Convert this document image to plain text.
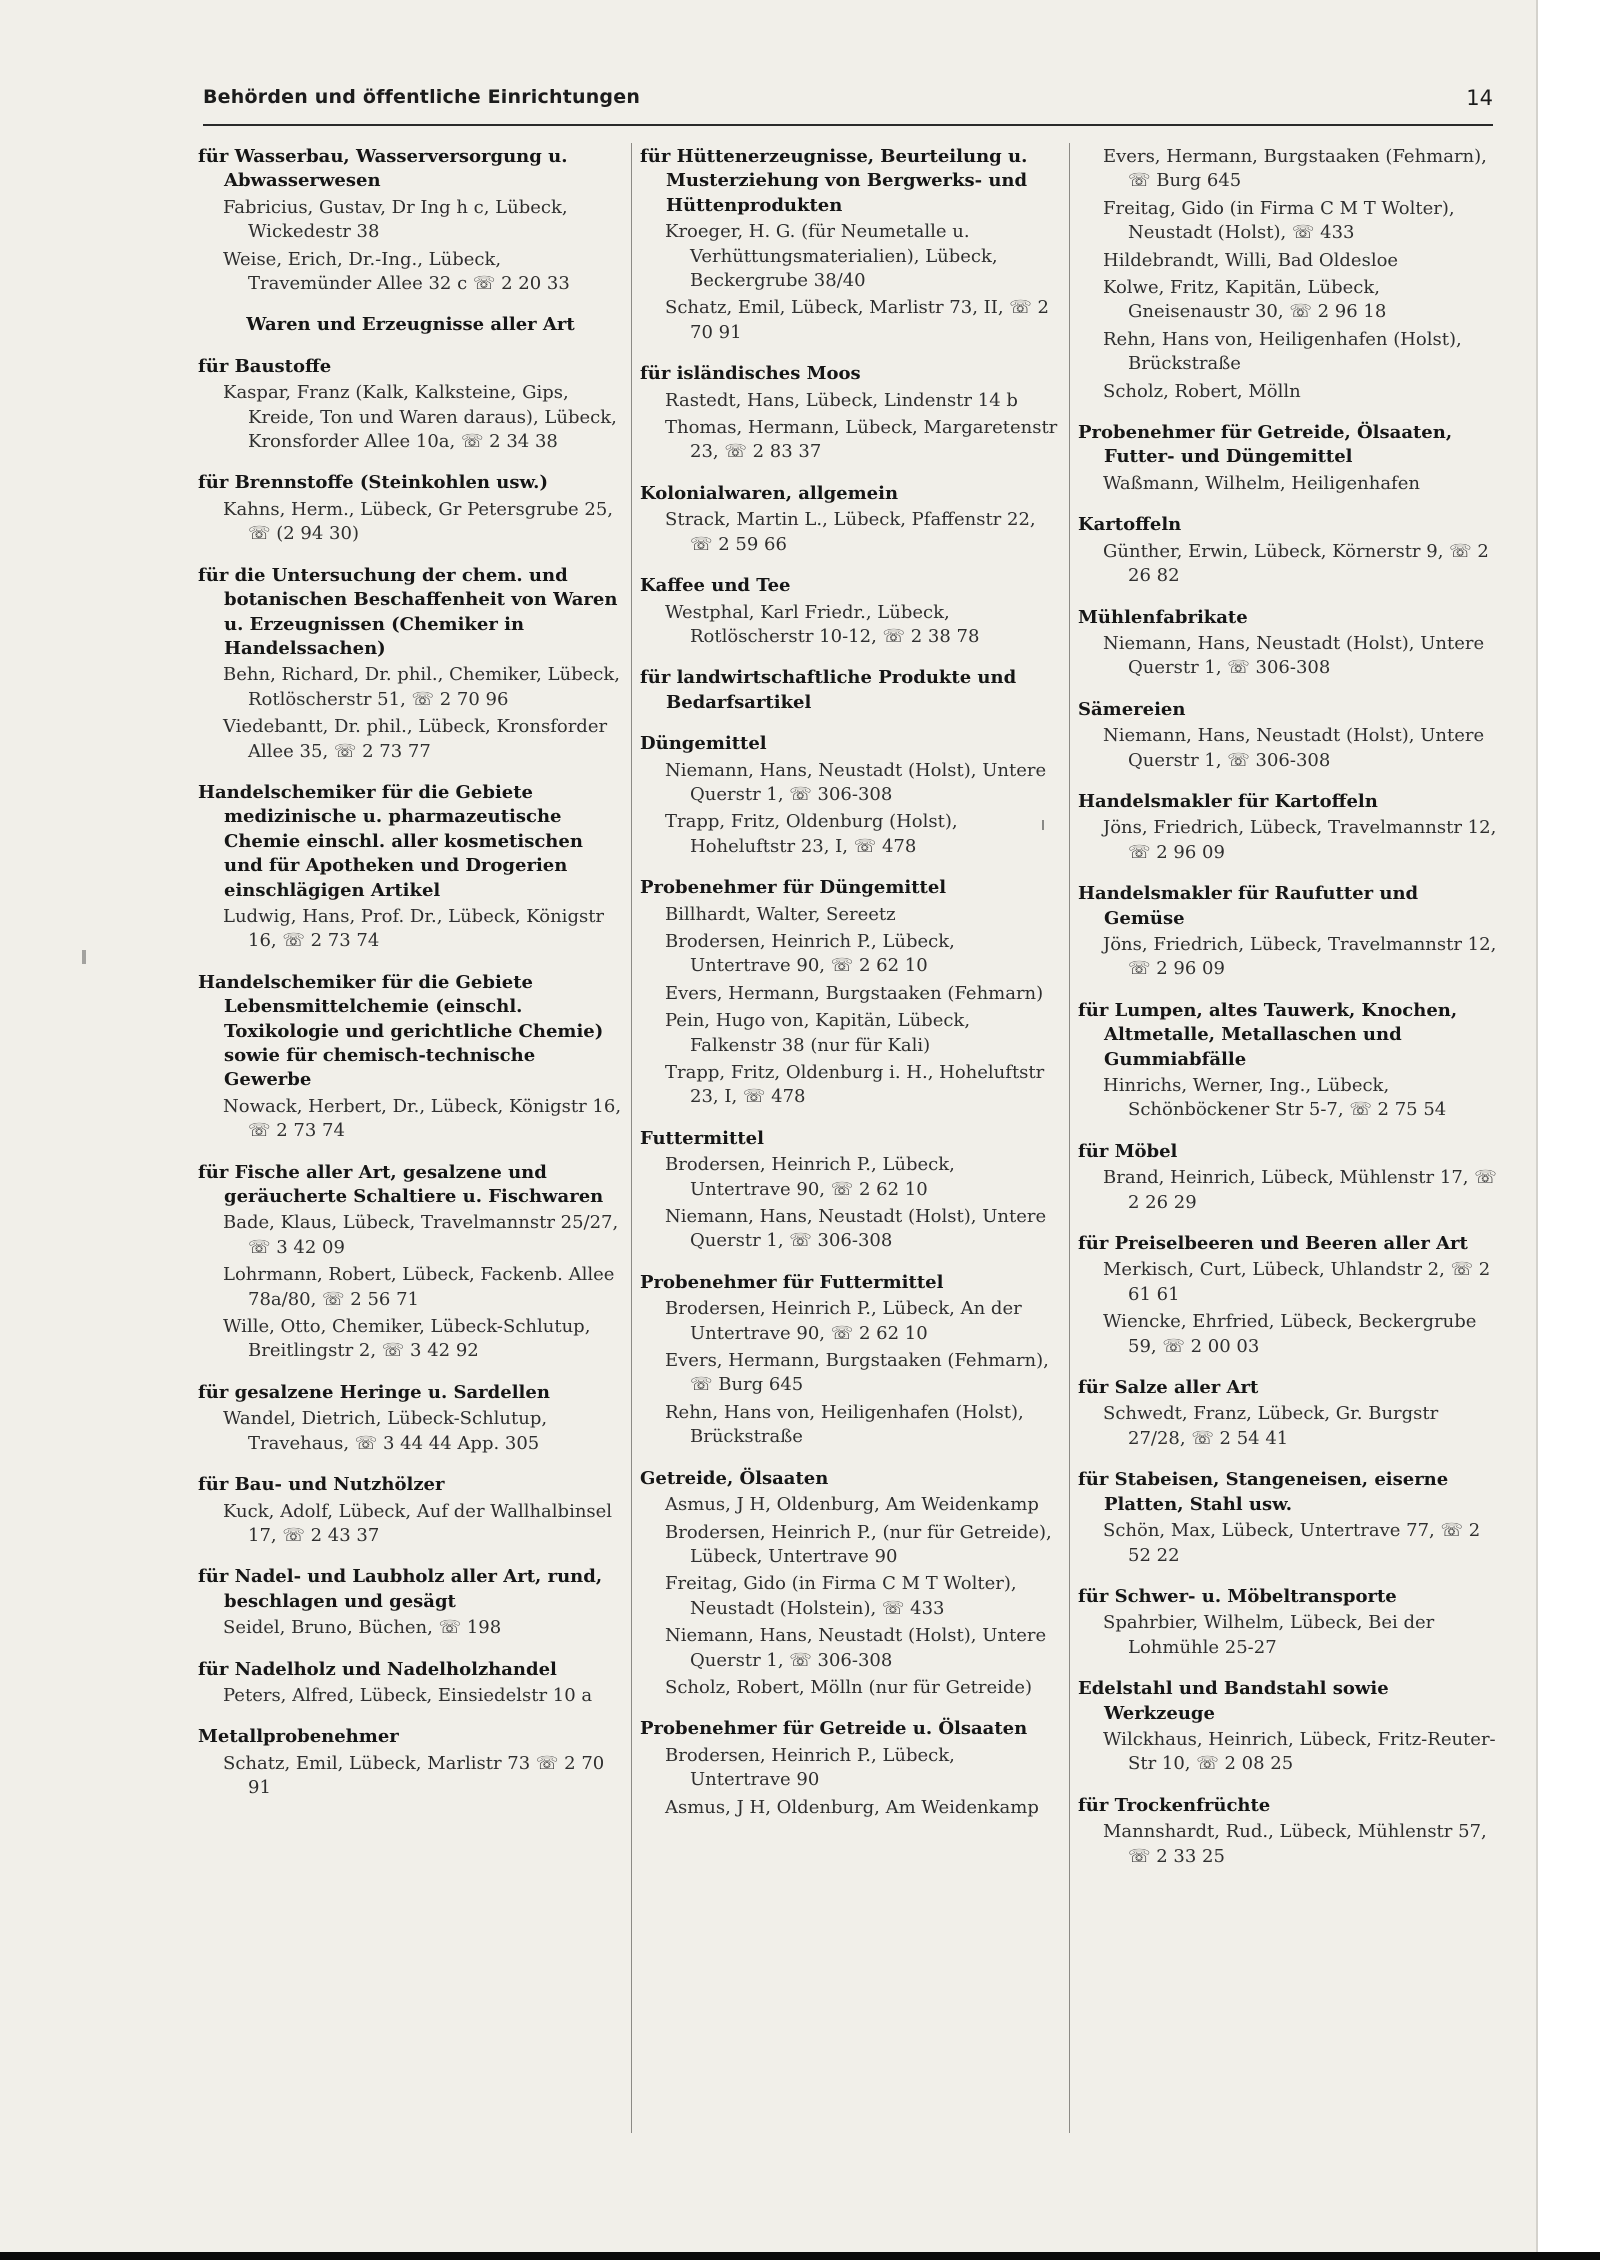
Behörden und öffentliche Einrichtungen	14
für Wasserbau, Wasserversorgung u. Abwasserwesen
Fabricius, Gustav, Dr Ing h c, Lübeck, Wickedestr 38
Weise, Erich, Dr.-Ing., Lübeck, Travemünder Allee 32 c ☏ 2 20 33
Waren und Erzeugnisse aller Art
für Baustoffe
Kaspar, Franz (Kalk, Kalksteine, Gips, Kreide, Ton und Waren daraus), Lübeck, Kronsforder Allee 10a, ☏ 2 34 38
für Brennstoffe (Steinkohlen usw.)
Kahns, Herm., Lübeck, Gr Petersgrube 25, ☏ (2 94 30)
für die Untersuchung der chem. und botanischen Beschaffenheit von Waren u. Erzeugnissen (Chemiker in Handelssachen)
Behn, Richard, Dr. phil., Chemiker, Lübeck, Rotlöscherstr 51, ☏ 2 70 96
Viedebantt, Dr. phil., Lübeck, Kronsforder Allee 35, ☏ 2 73 77
Handelschemiker für die Gebiete medizinische u. pharmazeutische Chemie einschl. aller kosmetischen und für Apotheken und Drogerien einschlägigen Artikel
Ludwig, Hans, Prof. Dr., Lübeck, Königstr 16, ☏ 2 73 74
Handelschemiker für die Gebiete Lebensmittelchemie (einschl. Toxikologie und gerichtliche Chemie) sowie für chemisch-technische Gewerbe
Nowack, Herbert, Dr., Lübeck, Königstr 16, ☏ 2 73 74
für Fische aller Art, gesalzene und geräucherte Schaltiere u. Fischwaren
Bade, Klaus, Lübeck, Travelmannstr 25/27, ☏ 3 42 09
Lohrmann, Robert, Lübeck, Fackenb. Allee 78a/80, ☏ 2 56 71
Wille, Otto, Chemiker, Lübeck-Schlutup, Breitlingstr 2, ☏ 3 42 92
für gesalzene Heringe u. Sardellen
Wandel, Dietrich, Lübeck-Schlutup, Travehaus, ☏ 3 44 44 App. 305
für Bau- und Nutzhölzer
Kuck, Adolf, Lübeck, Auf der Wallhalbinsel 17, ☏ 2 43 37
für Nadel- und Laubholz aller Art, rund, beschlagen und gesägt
Seidel, Bruno, Büchen, ☏ 198
für Nadelholz und Nadelholzhandel
Peters, Alfred, Lübeck, Einsiedelstr 10 a
Metallprobenehmer
Schatz, Emil, Lübeck, Marlistr 73 ☏ 2 70 91
für Hüttenerzeugnisse, Beurteilung u. Musterziehung von Bergwerks- und Hüttenprodukten
Kroeger, H. G. (für Neumetalle u. Verhüttungsmaterialien), Lübeck, Beckergrube 38/40
Schatz, Emil, Lübeck, Marlistr 73, II, ☏ 2 70 91
für isländisches Moos
Rastedt, Hans, Lübeck, Lindenstr 14 b
Thomas, Hermann, Lübeck, Margaretenstr 23, ☏ 2 83 37
Kolonialwaren, allgemein
Strack, Martin L., Lübeck, Pfaffenstr 22, ☏ 2 59 66
Kaffee und Tee
Westphal, Karl Friedr., Lübeck, Rotlöscherstr 10-12, ☏ 2 38 78
für landwirtschaftliche Produkte und Bedarfsartikel
Düngemittel
Niemann, Hans, Neustadt (Holst), Untere Querstr 1, ☏ 306-308
Trapp, Fritz, Oldenburg (Holst), Hoheluftstr 23, I, ☏ 478
Probenehmer für Düngemittel
Billhardt, Walter, Sereetz
Brodersen, Heinrich P., Lübeck, Untertrave 90, ☏ 2 62 10
Evers, Hermann, Burgstaaken (Fehmarn)
Pein, Hugo von, Kapitän, Lübeck, Falkenstr 38 (nur für Kali)
Trapp, Fritz, Oldenburg i. H., Hoheluftstr 23, I, ☏ 478
Futtermittel
Brodersen, Heinrich P., Lübeck, Untertrave 90, ☏ 2 62 10
Niemann, Hans, Neustadt (Holst), Untere Querstr 1, ☏ 306-308
Probenehmer für Futtermittel
Brodersen, Heinrich P., Lübeck, An der Untertrave 90, ☏ 2 62 10
Evers, Hermann, Burgstaaken (Fehmarn), ☏ Burg 645
Rehn, Hans von, Heiligenhafen (Holst), Brückstraße
Getreide, Ölsaaten
Asmus, J H, Oldenburg, Am Weidenkamp
Brodersen, Heinrich P., (nur für Getreide), Lübeck, Untertrave 90
Freitag, Gido (in Firma C M T Wolter), Neustadt (Holstein), ☏ 433
Niemann, Hans, Neustadt (Holst), Untere Querstr 1, ☏ 306-308
Scholz, Robert, Mölln (nur für Getreide)
Probenehmer für Getreide u. Ölsaaten
Brodersen, Heinrich P., Lübeck, Untertrave 90
Asmus, J H, Oldenburg, Am Weidenkamp
Evers, Hermann, Burgstaaken (Fehmarn), ☏ Burg 645
Freitag, Gido (in Firma C M T Wolter), Neustadt (Holst), ☏ 433
Hildebrandt, Willi, Bad Oldesloe
Kolwe, Fritz, Kapitän, Lübeck, Gneisenaustr 30, ☏ 2 96 18
Rehn, Hans von, Heiligenhafen (Holst), Brückstraße
Scholz, Robert, Mölln
Probenehmer für Getreide, Ölsaaten, Futter- und Düngemittel
Waßmann, Wilhelm, Heiligenhafen
Kartoffeln
Günther, Erwin, Lübeck, Körnerstr 9, ☏ 2 26 82
Mühlenfabrikate
Niemann, Hans, Neustadt (Holst), Untere Querstr 1, ☏ 306-308
Sämereien
Niemann, Hans, Neustadt (Holst), Untere Querstr 1, ☏ 306-308
Handelsmakler für Kartoffeln
Jöns, Friedrich, Lübeck, Travelmannstr 12, ☏ 2 96 09
Handelsmakler für Raufutter und Gemüse
Jöns, Friedrich, Lübeck, Travelmannstr 12, ☏ 2 96 09
für Lumpen, altes Tauwerk, Knochen, Altmetalle, Metallaschen und Gummiabfälle
Hinrichs, Werner, Ing., Lübeck, Schönböckener Str 5-7, ☏ 2 75 54
für Möbel
Brand, Heinrich, Lübeck, Mühlenstr 17, ☏ 2 26 29
für Preiselbeeren und Beeren aller Art
Merkisch, Curt, Lübeck, Uhlandstr 2, ☏ 2 61 61
Wiencke, Ehrfried, Lübeck, Beckergrube 59, ☏ 2 00 03
für Salze aller Art
Schwedt, Franz, Lübeck, Gr. Burgstr 27/28, ☏ 2 54 41
für Stabeisen, Stangeneisen, eiserne Platten, Stahl usw.
Schön, Max, Lübeck, Untertrave 77, ☏ 2 52 22
für Schwer- u. Möbeltransporte
Spahrbier, Wilhelm, Lübeck, Bei der Lohmühle 25-27
Edelstahl und Bandstahl sowie Werkzeuge
Wilckhaus, Heinrich, Lübeck, Fritz-Reuter-Str 10, ☏ 2 08 25
für Trockenfrüchte
Mannshardt, Rud., Lübeck, Mühlenstr 57, ☏ 2 33 25
